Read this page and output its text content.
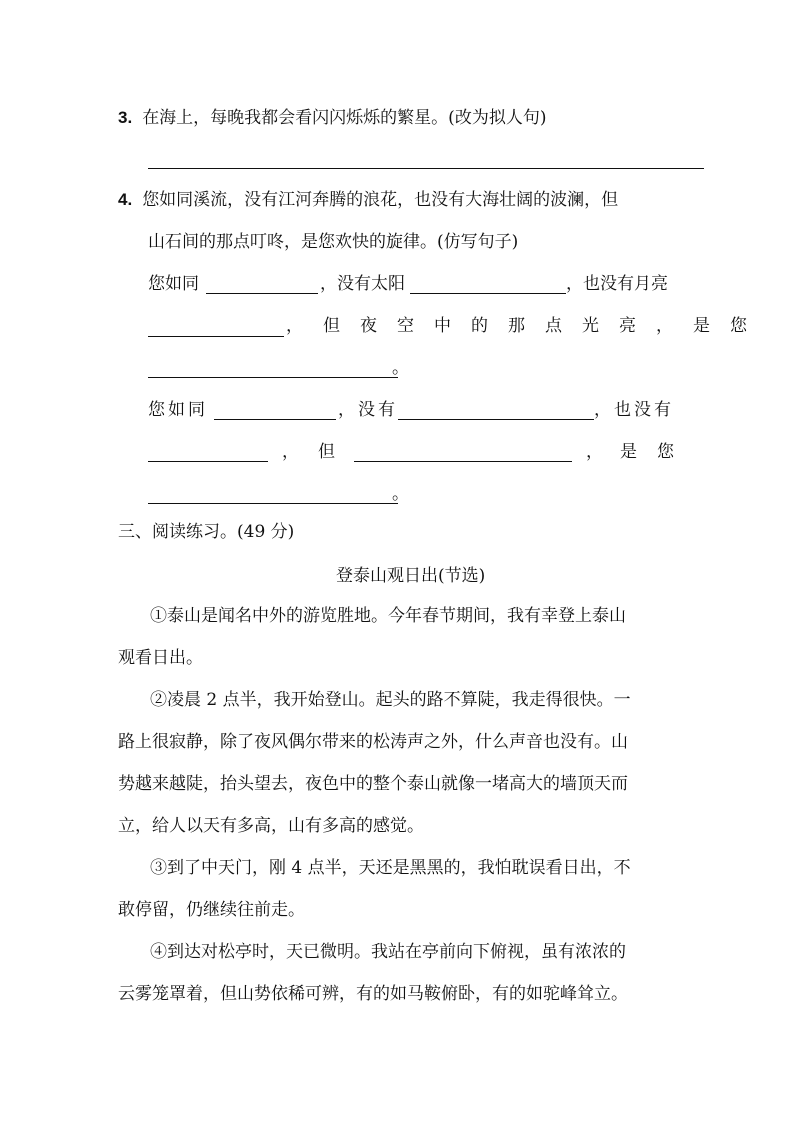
3. 在海上，每晚我都会看闪闪烁烁的繁星。(改为拟人句)
4. 您如同溪流，没有江河奔腾的浪花，也没有大海壮阔的波澜，但
山石间的那点叮咚，是您欢快的旋律。(仿写句子)
您如同	，没有太阳	，也没有月亮
，但夜空中的那点光亮，是您
。
您如同	，没有	，也没有
， 但	， 是您
。
三、阅读练习。(49 分)
登泰山观日出(节选)
①泰山是闻名中外的游览胜地。今年春节期间，我有幸登上泰山
观看日出。
②凌晨 2 点半，我开始登山。起头的路不算陡，我走得很快。一
路上很寂静，除了夜风偶尔带来的松涛声之外，什么声音也没有。山
势越来越陡，抬头望去，夜色中的整个泰山就像一堵高大的墙顶天而
立，给人以天有多高，山有多高的感觉。
③到了中天门，刚 4 点半，天还是黑黑的，我怕耽误看日出，不
敢停留，仍继续往前走。
④到达对松亭时，天已微明。我站在亭前向下俯视，虽有浓浓的
云雾笼罩着，但山势依稀可辨，有的如马鞍俯卧，有的如驼峰耸立。
